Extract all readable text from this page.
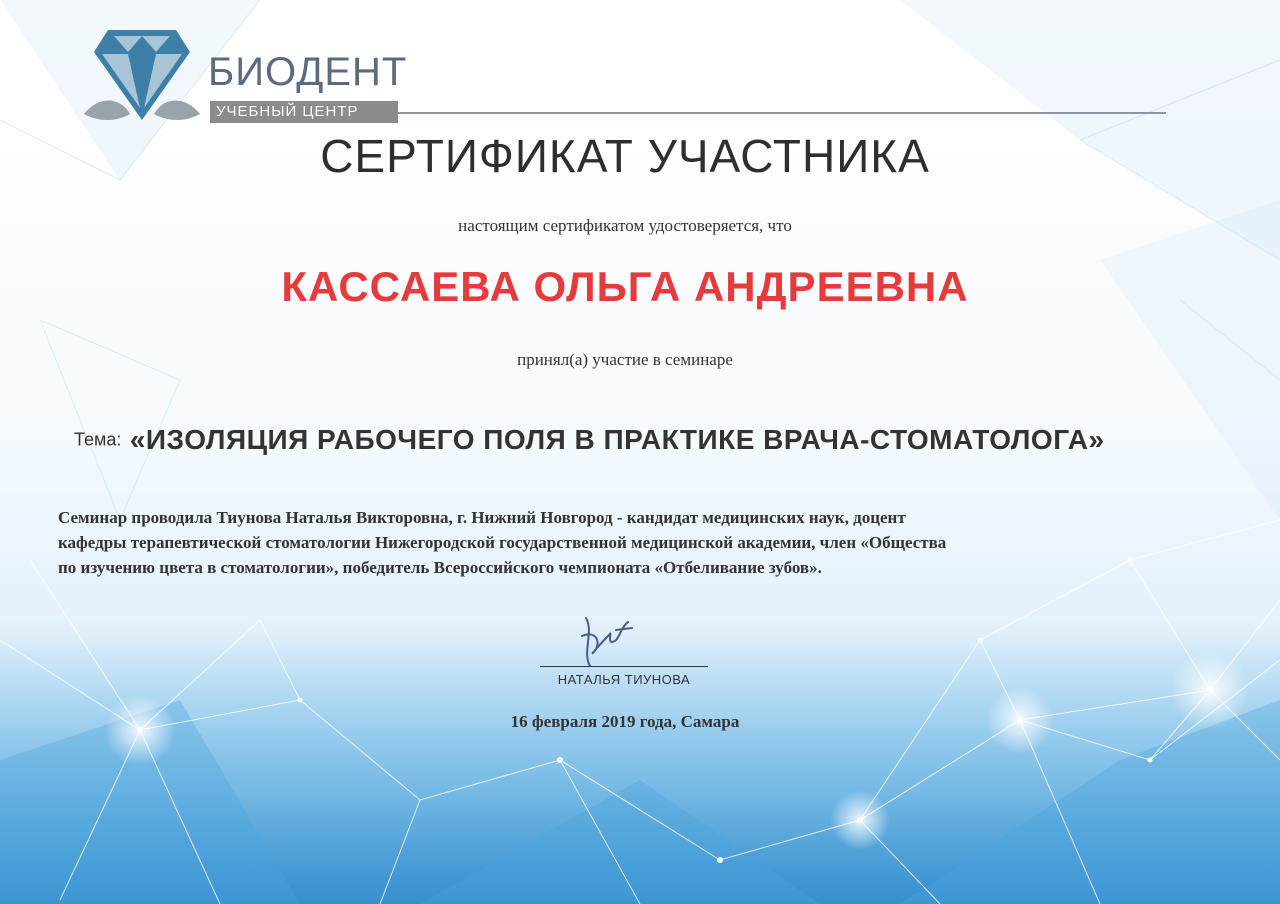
БИОДЕНТ
УЧЕБНЫЙ ЦЕНТР
СЕРТИФИКАТ УЧАСТНИКА
настоящим сертификатом удостоверяется, что
КАССАЕВА ОЛЬГА АНДРЕЕВНА
принял(а) участие в семинаре
Тема: «ИЗОЛЯЦИЯ РАБОЧЕГО ПОЛЯ В ПРАКТИКЕ ВРАЧА-СТОМАТОЛОГА»
Семинар проводила Тиунова Наталья Викторовна, г. Нижний Новгород - кандидат медицинских наук, доцент
кафедры терапевтической стоматологии Нижегородской государственной медицинской академии, член «Общества
по изучению цвета в стоматологии», победитель Всероссийского чемпионата «Отбеливание зубов».
НАТАЛЬЯ ТИУНОВА
16 февраля 2019 года, Самара
